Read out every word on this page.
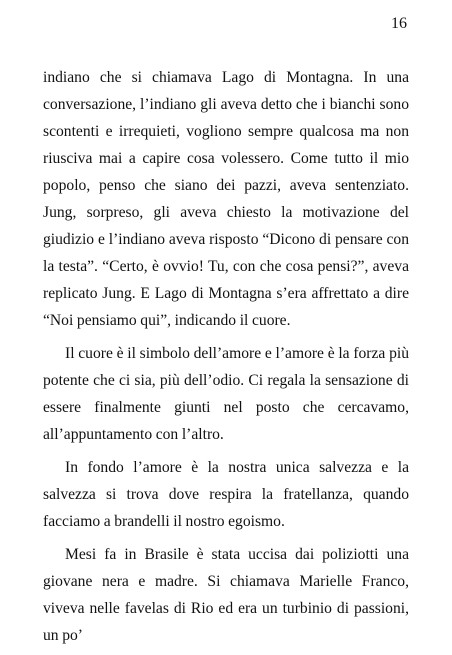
16

indiano che si chiamava Lago di Montagna. In una conversazione, l’indiano gli aveva detto che i bianchi sono scontenti e irrequieti, vogliono sempre qualcosa ma non riusciva mai a capire cosa volessero. Come tutto il mio popolo, penso che siano dei pazzi, aveva sentenziato. Jung, sorpreso, gli aveva chiesto la motivazione del giudizio e l’indiano aveva risposto “Dicono di pensare con la testa”. “Certo, è ovvio! Tu, con che cosa pensi?”, aveva replicato Jung. E Lago di Montagna s’era affrettato a dire “Noi pensiamo qui”, indicando il cuore.

Il cuore è il simbolo dell’amore e l’amore è la forza più potente che ci sia, più dell’odio. Ci regala la sensazione di essere finalmente giunti nel posto che cercavamo, all’appuntamento con l’altro.

In fondo l’amore è la nostra unica salvezza e la salvezza si trova dove respira la fratellanza, quando facciamo a brandelli il nostro egoismo.

Mesi fa in Brasile è stata uccisa dai poliziotti una giovane nera e madre. Si chiamava Marielle Franco, viveva nelle favelas di Rio ed era un turbinio di passioni, un po’
